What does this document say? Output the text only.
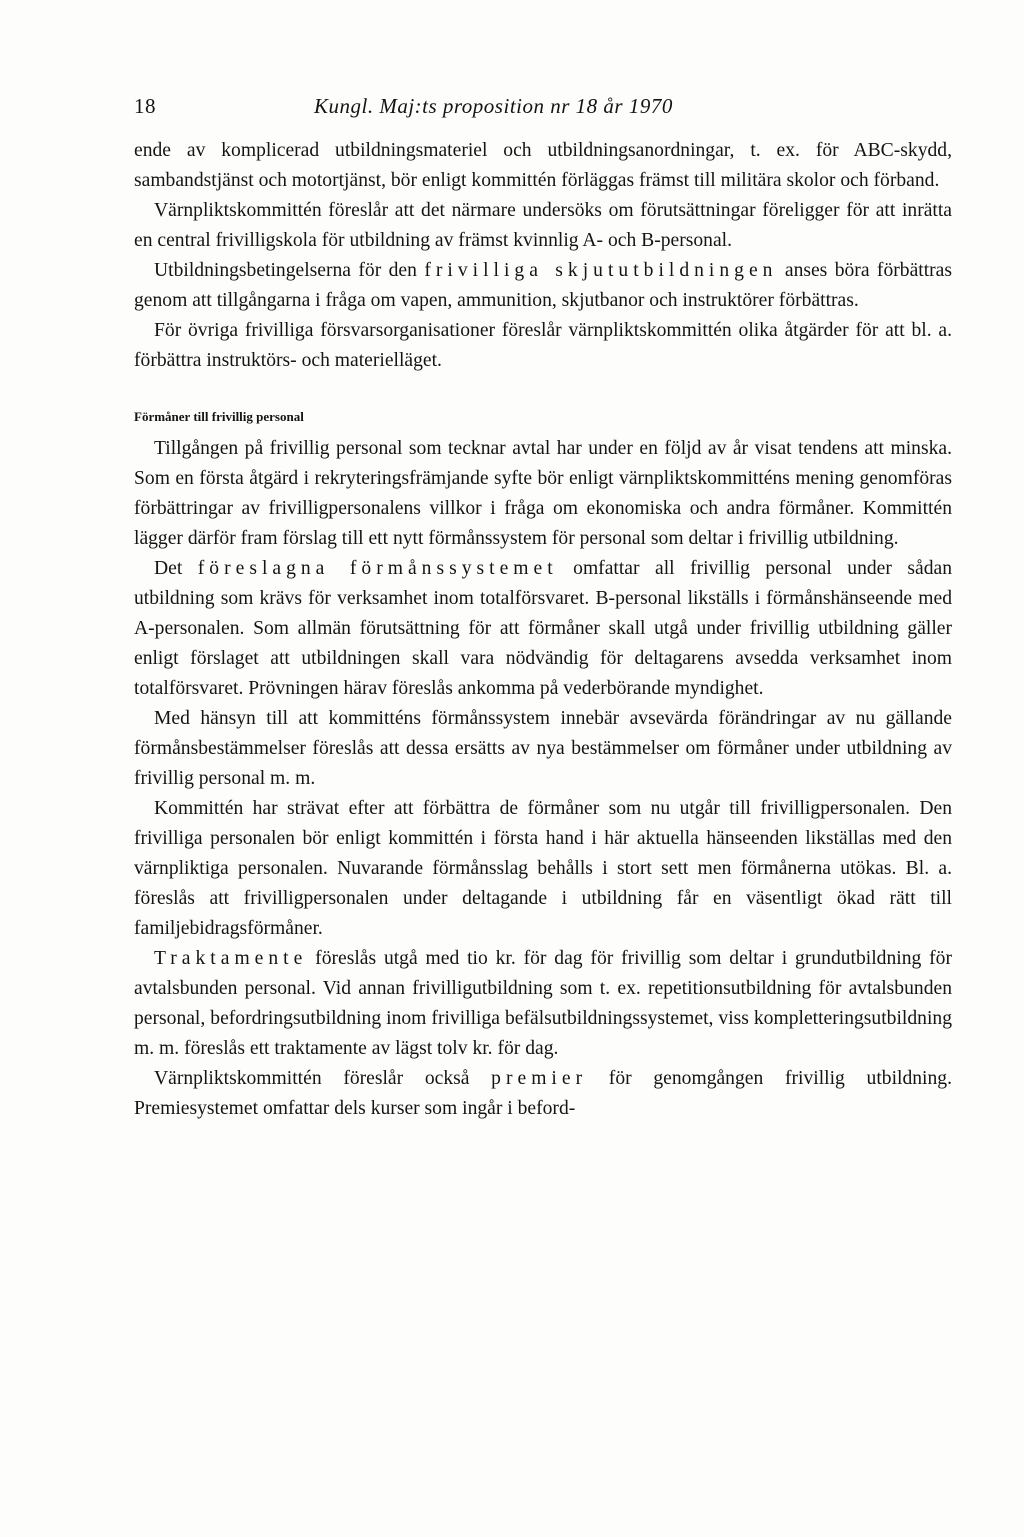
18	Kungl. Maj:ts proposition nr 18 år 1970

ende av komplicerad utbildningsmateriel och utbildningsanordningar, t. ex. för ABC-skydd, sambandstjänst och motortjänst, bör enligt kommittén förläggas främst till militära skolor och förband.

Värnpliktskommittén föreslår att det närmare undersöks om förutsättningar föreligger för att inrätta en central frivilligskola för utbildning av främst kvinnlig A- och B-personal.

Utbildningsbetingelserna för den frivilliga skjututbildningen anses böra förbättras genom att tillgångarna i fråga om vapen, ammunition, skjutbanor och instruktörer förbättras.

För övriga frivilliga försvarsorganisationer föreslår värnpliktskommittén olika åtgärder för att bl. a. förbättra instruktörs- och materielläget.

Förmåner till frivillig personal

Tillgången på frivillig personal som tecknar avtal har under en följd av år visat tendens att minska. Som en första åtgärd i rekryteringsfrämjande syfte bör enligt värnpliktskommitténs mening genomföras förbättringar av frivilligpersonalens villkor i fråga om ekonomiska och andra förmåner. Kommittén lägger därför fram förslag till ett nytt förmånssystem för personal som deltar i frivillig utbildning.

Det föreslagna förmånssystemet omfattar all frivillig personal under sådan utbildning som krävs för verksamhet inom totalförsvaret. B-personal likställs i förmånshänseende med A-personalen. Som allmän förutsättning för att förmåner skall utgå under frivillig utbildning gäller enligt förslaget att utbildningen skall vara nödvändig för deltagarens avsedda verksamhet inom totalförsvaret. Prövningen härav föreslås ankomma på vederbörande myndighet.

Med hänsyn till att kommitténs förmånssystem innebär avsevärda förändringar av nu gällande förmånsbestämmelser föreslås att dessa ersätts av nya bestämmelser om förmåner under utbildning av frivillig personal m. m.

Kommittén har strävat efter att förbättra de förmåner som nu utgår till frivilligpersonalen. Den frivilliga personalen bör enligt kommittén i första hand i här aktuella hänseenden likställas med den värnpliktiga personalen. Nuvarande förmånsslag behålls i stort sett men förmånerna utökas. Bl. a. föreslås att frivilligpersonalen under deltagande i utbildning får en väsentligt ökad rätt till familjebidragsförmåner.

Traktamente föreslås utgå med tio kr. för dag för frivillig som deltar i grundutbildning för avtalsbunden personal. Vid annan frivilligutbildning som t. ex. repetitionsutbildning för avtalsbunden personal, befordringsutbildning inom frivilliga befälsutbildningssystemet, viss kompletteringsutbildning m. m. föreslås ett traktamente av lägst tolv kr. för dag.

Värnpliktskommittén föreslår också premier för genomgången frivillig utbildning. Premiesystemet omfattar dels kurser som ingår i beford-
